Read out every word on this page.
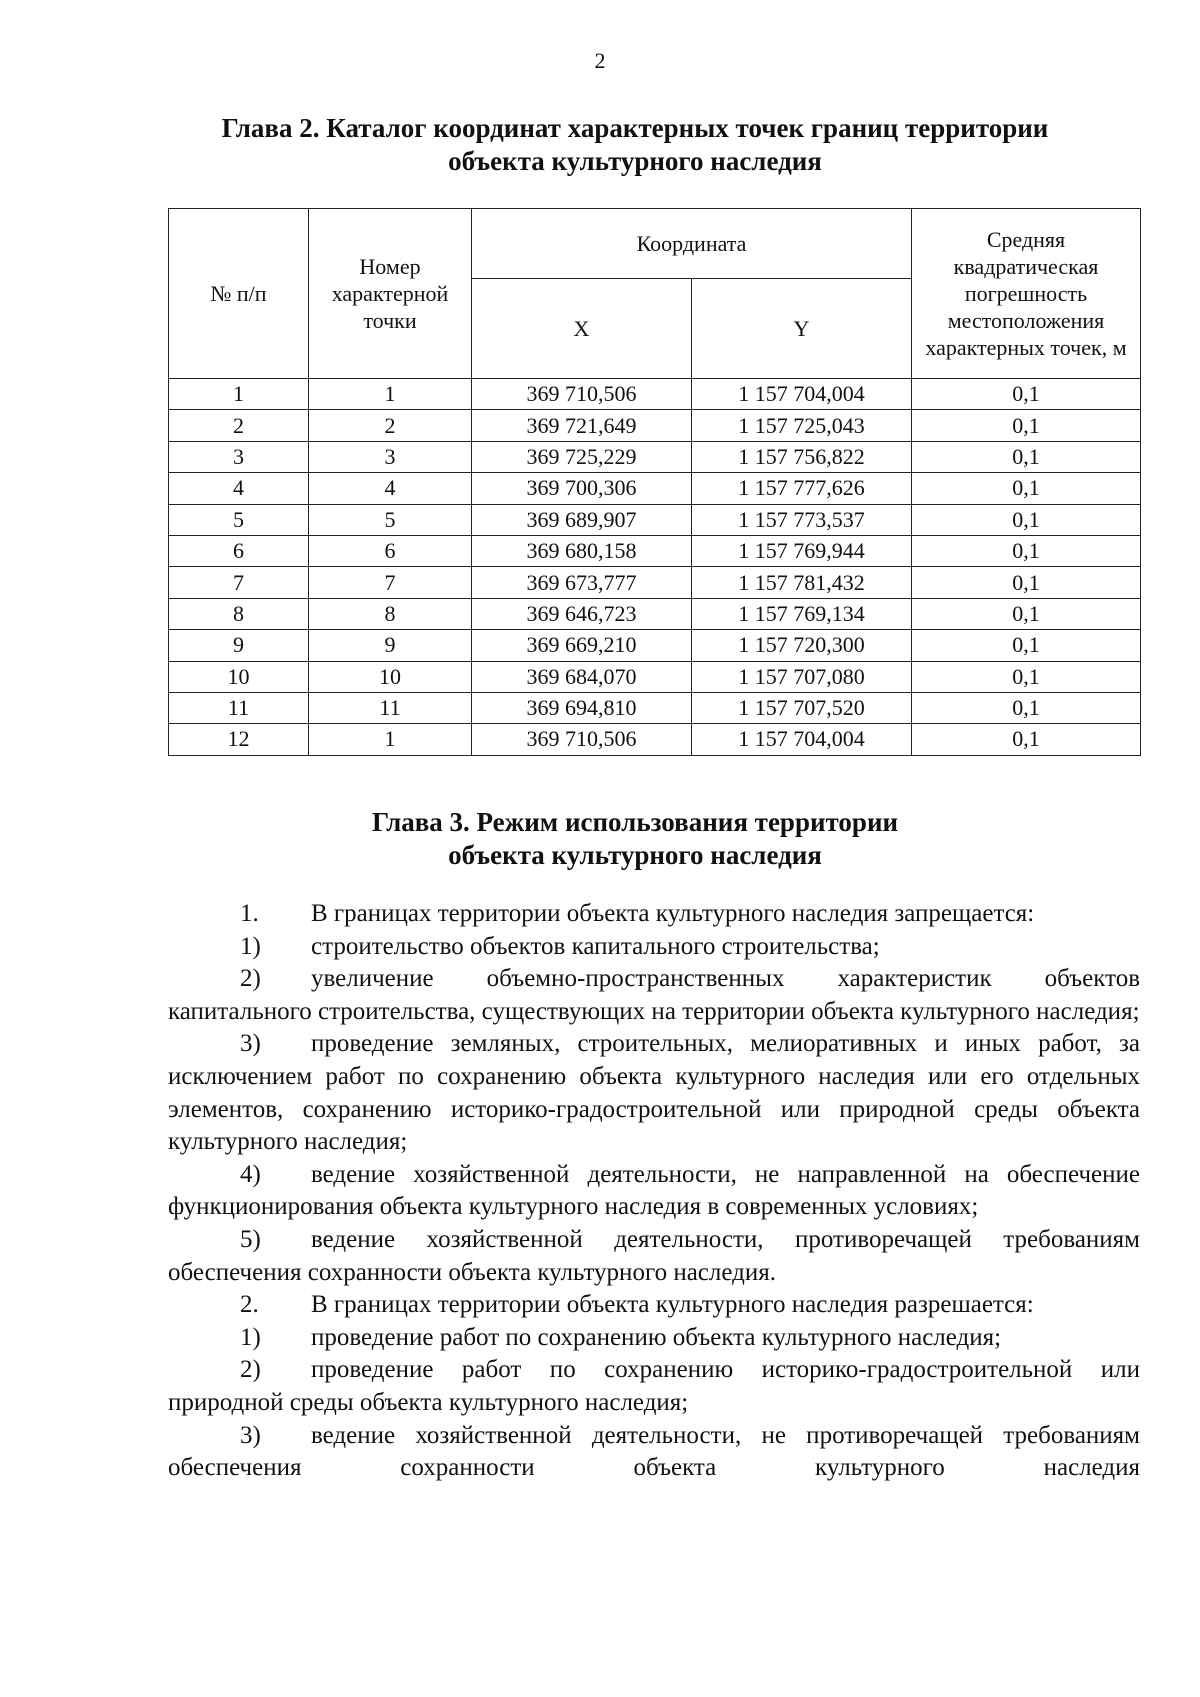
2
Глава 2. Каталог координат характерных точек границ территории
объекта культурного наследия
№ п/п	Номер характерной точки	Координата		Средняя квадратическая погрешность местоположения характерных точек, м
		X	Y	
1	1	369 710,506	1 157 704,004	0,1
2	2	369 721,649	1 157 725,043	0,1
3	3	369 725,229	1 157 756,822	0,1
4	4	369 700,306	1 157 777,626	0,1
5	5	369 689,907	1 157 773,537	0,1
6	6	369 680,158	1 157 769,944	0,1
7	7	369 673,777	1 157 781,432	0,1
8	8	369 646,723	1 157 769,134	0,1
9	9	369 669,210	1 157 720,300	0,1
10	10	369 684,070	1 157 707,080	0,1
11	11	369 694,810	1 157 707,520	0,1
12	1	369 710,506	1 157 704,004	0,1
Глава 3. Режим использования территории
объекта культурного наследия

1. В границах территории объекта культурного наследия запрещается:

1) строительство объектов капитального строительства;

2) увеличение объемно-пространственных характеристик объектов капитального строительства, существующих на территории объекта культурного наследия;

3) проведение земляных, строительных, мелиоративных и иных работ, за исключением работ по сохранению объекта культурного наследия или его отдельных элементов, сохранению историко-градостроительной или природной среды объекта культурного наследия;

4) ведение хозяйственной деятельности, не направленной на обеспечение функционирования объекта культурного наследия в современных условиях;

5) ведение хозяйственной деятельности, противоречащей требованиям обеспечения сохранности объекта культурного наследия.

2. В границах территории объекта культурного наследия разрешается:

1) проведение работ по сохранению объекта культурного наследия;

2) проведение работ по сохранению историко-градостроительной или природной среды объекта культурного наследия;

3) ведение хозяйственной деятельности, не противоречащей требованиям обеспечения сохранности объекта культурного наследия
